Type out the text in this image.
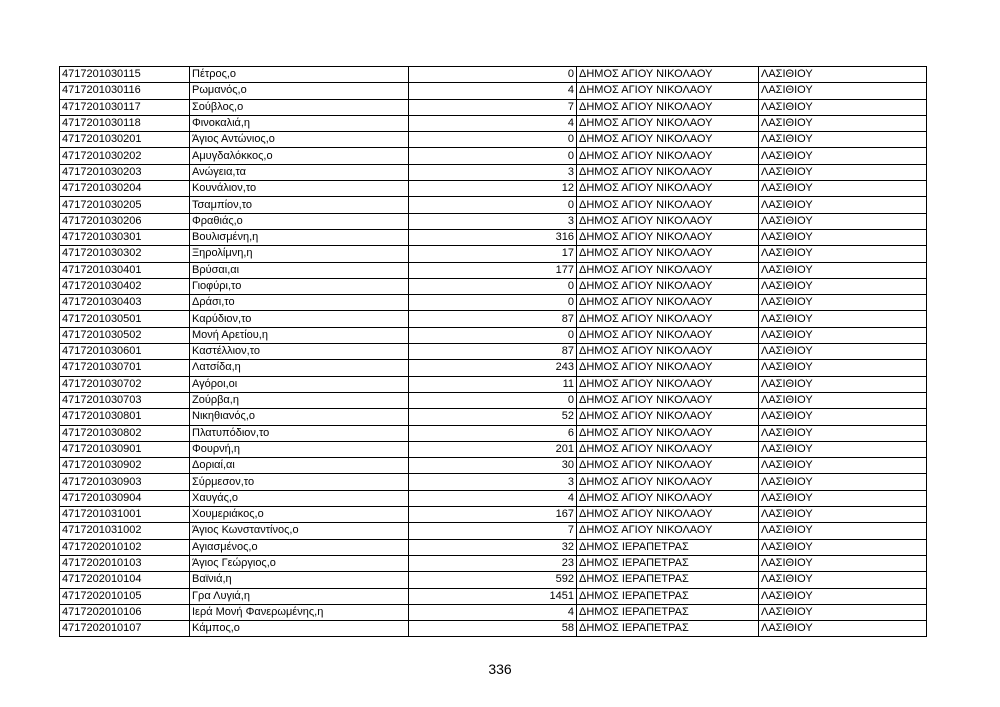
4717201030115	Πέτρος,ο	0	ΔΗΜΟΣ ΑΓΙΟΥ ΝΙΚΟΛΑΟΥ	ΛΑΣΙΘΙΟΥ
4717201030116	Ρωμανός,ο	4	ΔΗΜΟΣ ΑΓΙΟΥ ΝΙΚΟΛΑΟΥ	ΛΑΣΙΘΙΟΥ
4717201030117	Σούβλος,ο	7	ΔΗΜΟΣ ΑΓΙΟΥ ΝΙΚΟΛΑΟΥ	ΛΑΣΙΘΙΟΥ
4717201030118	Φινοκαλιά,η	4	ΔΗΜΟΣ ΑΓΙΟΥ ΝΙΚΟΛΑΟΥ	ΛΑΣΙΘΙΟΥ
4717201030201	Άγιος Αντώνιος,ο	0	ΔΗΜΟΣ ΑΓΙΟΥ ΝΙΚΟΛΑΟΥ	ΛΑΣΙΘΙΟΥ
4717201030202	Αμυγδαλόκκος,ο	0	ΔΗΜΟΣ ΑΓΙΟΥ ΝΙΚΟΛΑΟΥ	ΛΑΣΙΘΙΟΥ
4717201030203	Ανώγεια,τα	3	ΔΗΜΟΣ ΑΓΙΟΥ ΝΙΚΟΛΑΟΥ	ΛΑΣΙΘΙΟΥ
4717201030204	Κουνάλιον,το	12	ΔΗΜΟΣ ΑΓΙΟΥ ΝΙΚΟΛΑΟΥ	ΛΑΣΙΘΙΟΥ
4717201030205	Τσαμπίον,το	0	ΔΗΜΟΣ ΑΓΙΟΥ ΝΙΚΟΛΑΟΥ	ΛΑΣΙΘΙΟΥ
4717201030206	Φραθιάς,ο	3	ΔΗΜΟΣ ΑΓΙΟΥ ΝΙΚΟΛΑΟΥ	ΛΑΣΙΘΙΟΥ
4717201030301	Βουλισμένη,η	316	ΔΗΜΟΣ ΑΓΙΟΥ ΝΙΚΟΛΑΟΥ	ΛΑΣΙΘΙΟΥ
4717201030302	Ξηρολίμνη,η	17	ΔΗΜΟΣ ΑΓΙΟΥ ΝΙΚΟΛΑΟΥ	ΛΑΣΙΘΙΟΥ
4717201030401	Βρύσαι,αι	177	ΔΗΜΟΣ ΑΓΙΟΥ ΝΙΚΟΛΑΟΥ	ΛΑΣΙΘΙΟΥ
4717201030402	Γιοφύρι,το	0	ΔΗΜΟΣ ΑΓΙΟΥ ΝΙΚΟΛΑΟΥ	ΛΑΣΙΘΙΟΥ
4717201030403	Δράσι,το	0	ΔΗΜΟΣ ΑΓΙΟΥ ΝΙΚΟΛΑΟΥ	ΛΑΣΙΘΙΟΥ
4717201030501	Καρύδιον,το	87	ΔΗΜΟΣ ΑΓΙΟΥ ΝΙΚΟΛΑΟΥ	ΛΑΣΙΘΙΟΥ
4717201030502	Μονή Αρετίου,η	0	ΔΗΜΟΣ ΑΓΙΟΥ ΝΙΚΟΛΑΟΥ	ΛΑΣΙΘΙΟΥ
4717201030601	Καστέλλιον,το	87	ΔΗΜΟΣ ΑΓΙΟΥ ΝΙΚΟΛΑΟΥ	ΛΑΣΙΘΙΟΥ
4717201030701	Λατσίδα,η	243	ΔΗΜΟΣ ΑΓΙΟΥ ΝΙΚΟΛΑΟΥ	ΛΑΣΙΘΙΟΥ
4717201030702	Αγόροι,οι	11	ΔΗΜΟΣ ΑΓΙΟΥ ΝΙΚΟΛΑΟΥ	ΛΑΣΙΘΙΟΥ
4717201030703	Ζούρβα,η	0	ΔΗΜΟΣ ΑΓΙΟΥ ΝΙΚΟΛΑΟΥ	ΛΑΣΙΘΙΟΥ
4717201030801	Νικηθιανός,ο	52	ΔΗΜΟΣ ΑΓΙΟΥ ΝΙΚΟΛΑΟΥ	ΛΑΣΙΘΙΟΥ
4717201030802	Πλατυπόδιον,το	6	ΔΗΜΟΣ ΑΓΙΟΥ ΝΙΚΟΛΑΟΥ	ΛΑΣΙΘΙΟΥ
4717201030901	Φουρνή,η	201	ΔΗΜΟΣ ΑΓΙΟΥ ΝΙΚΟΛΑΟΥ	ΛΑΣΙΘΙΟΥ
4717201030902	Δοριαί,αι	30	ΔΗΜΟΣ ΑΓΙΟΥ ΝΙΚΟΛΑΟΥ	ΛΑΣΙΘΙΟΥ
4717201030903	Σύρμεσον,το	3	ΔΗΜΟΣ ΑΓΙΟΥ ΝΙΚΟΛΑΟΥ	ΛΑΣΙΘΙΟΥ
4717201030904	Χαυγάς,ο	4	ΔΗΜΟΣ ΑΓΙΟΥ ΝΙΚΟΛΑΟΥ	ΛΑΣΙΘΙΟΥ
4717201031001	Χουμεριάκος,ο	167	ΔΗΜΟΣ ΑΓΙΟΥ ΝΙΚΟΛΑΟΥ	ΛΑΣΙΘΙΟΥ
4717201031002	Άγιος Κωνσταντίνος,ο	7	ΔΗΜΟΣ ΑΓΙΟΥ ΝΙΚΟΛΑΟΥ	ΛΑΣΙΘΙΟΥ
4717202010102	Αγιασμένος,ο	32	ΔΗΜΟΣ ΙΕΡΑΠΕΤΡΑΣ	ΛΑΣΙΘΙΟΥ
4717202010103	Άγιος Γεώργιος,ο	23	ΔΗΜΟΣ ΙΕΡΑΠΕΤΡΑΣ	ΛΑΣΙΘΙΟΥ
4717202010104	Βαϊνιά,η	592	ΔΗΜΟΣ ΙΕΡΑΠΕΤΡΑΣ	ΛΑΣΙΘΙΟΥ
4717202010105	Γρα Λυγιά,η	1451	ΔΗΜΟΣ ΙΕΡΑΠΕΤΡΑΣ	ΛΑΣΙΘΙΟΥ
4717202010106	Ιερά Μονή Φανερωμένης,η	4	ΔΗΜΟΣ ΙΕΡΑΠΕΤΡΑΣ	ΛΑΣΙΘΙΟΥ
4717202010107	Κάμπος,ο	58	ΔΗΜΟΣ ΙΕΡΑΠΕΤΡΑΣ	ΛΑΣΙΘΙΟΥ
336
